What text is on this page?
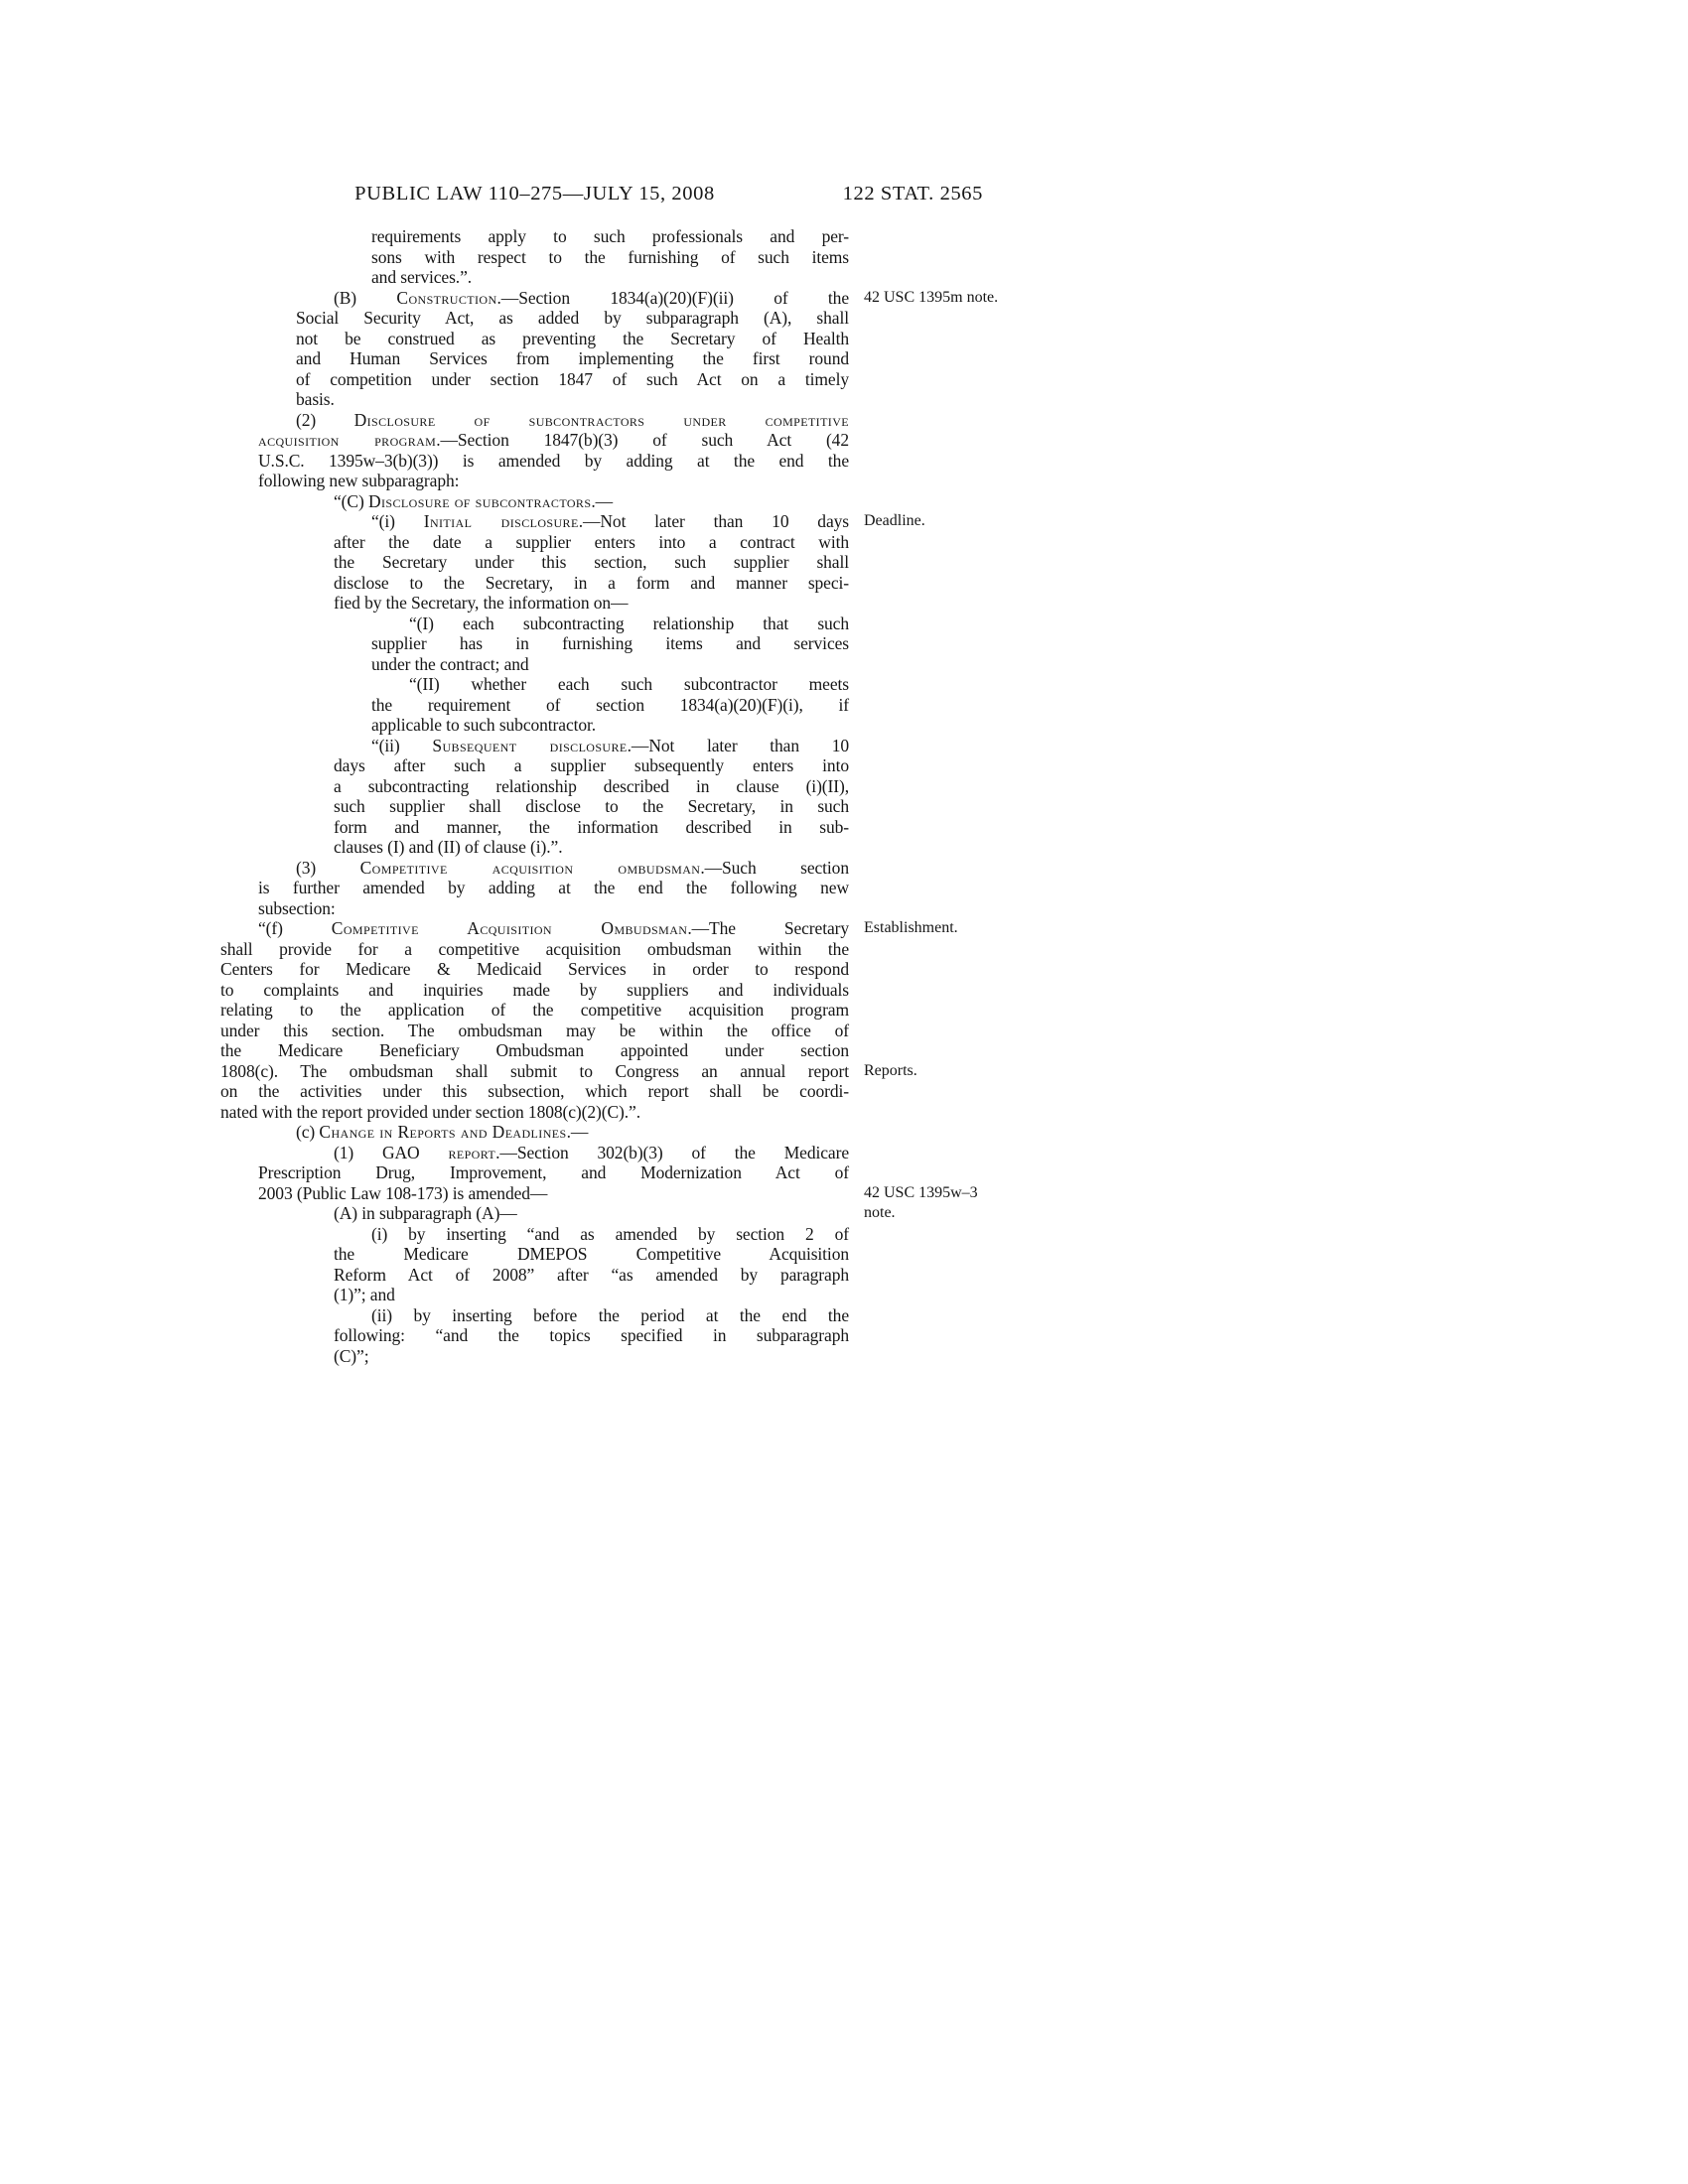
PUBLIC LAW 110–275—JULY 15, 2008	122 STAT. 2565
requirements apply to such professionals and per-
sons with respect to the furnishing of such items
and services.”.
(B) Construction.—Section 1834(a)(20)(F)(ii) of the
Social Security Act, as added by subparagraph (A), shall
not be construed as preventing the Secretary of Health
and Human Services from implementing the first round
of competition under section 1847 of such Act on a timely
basis.
(2) Disclosure of subcontractors under competitive
acquisition program.—Section 1847(b)(3) of such Act (42
U.S.C. 1395w–3(b)(3)) is amended by adding at the end the
following new subparagraph:
“(C) Disclosure of subcontractors.—
“(i) Initial disclosure.—Not later than 10 days
after the date a supplier enters into a contract with
the Secretary under this section, such supplier shall
disclose to the Secretary, in a form and manner speci-
fied by the Secretary, the information on—
“(I) each subcontracting relationship that such
supplier has in furnishing items and services
under the contract; and
“(II) whether each such subcontractor meets
the requirement of section 1834(a)(20)(F)(i), if
applicable to such subcontractor.
“(ii) Subsequent disclosure.—Not later than 10
days after such a supplier subsequently enters into
a subcontracting relationship described in clause (i)(II),
such supplier shall disclose to the Secretary, in such
form and manner, the information described in sub-
clauses (I) and (II) of clause (i).”.
(3) Competitive acquisition ombudsman.—Such section
is further amended by adding at the end the following new
subsection:
“(f) Competitive Acquisition Ombudsman.—The Secretary
shall provide for a competitive acquisition ombudsman within the
Centers for Medicare & Medicaid Services in order to respond
to complaints and inquiries made by suppliers and individuals
relating to the application of the competitive acquisition program
under this section. The ombudsman may be within the office of
the Medicare Beneficiary Ombudsman appointed under section
1808(c). The ombudsman shall submit to Congress an annual report
on the activities under this subsection, which report shall be coordi-
nated with the report provided under section 1808(c)(2)(C).”.
(c) Change in Reports and Deadlines.—
(1) GAO report.—Section 302(b)(3) of the Medicare
Prescription Drug, Improvement, and Modernization Act of
2003 (Public Law 108-173) is amended—
(A) in subparagraph (A)—
(i) by inserting “and as amended by section 2 of
the Medicare DMEPOS Competitive Acquisition
Reform Act of 2008” after “as amended by paragraph
(1)”; and
(ii) by inserting before the period at the end the
following: “and the topics specified in subparagraph
(C)”;
42 USC 1395m note.
Deadline.
Establishment.
Reports.
42 USC 1395w–3 note.
